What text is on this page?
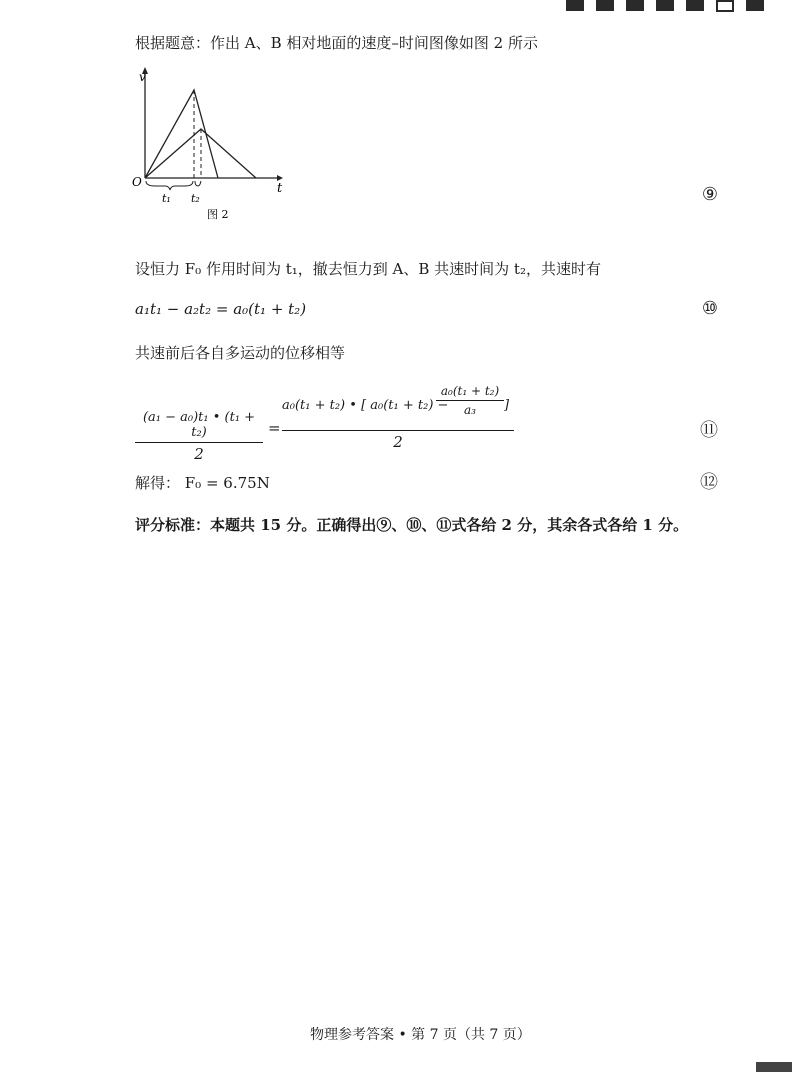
根据题意：作出 A、B 相对地面的速度–时间图像如图 2 所示
v
t
O
t₁ t₂
图 2
⑨
设恒力 F₀ 作用时间为 t₁，撤去恒力到 A、B 共速时间为 t₂，共速时有
a₁t₁ − a₂t₂ = a₀(t₁ + t₂)	⑩
共速前后各自多运动的位移相等
(a₁ − a₀)t₁ • (t₁ + t₂)
2
=
a₀(t₁ + t₂) • [ a₀(t₁ + t₂) −
a₀(t₁ + t₂)
a₃	]
2
⑪
解得： F₀ = 6.75N	⑫
评分标准：本题共 15 分。正确得出⑨、⑩、⑪式各给 2 分，其余各式各给 1 分。
物理参考答案 • 第 7 页（共 7 页）
